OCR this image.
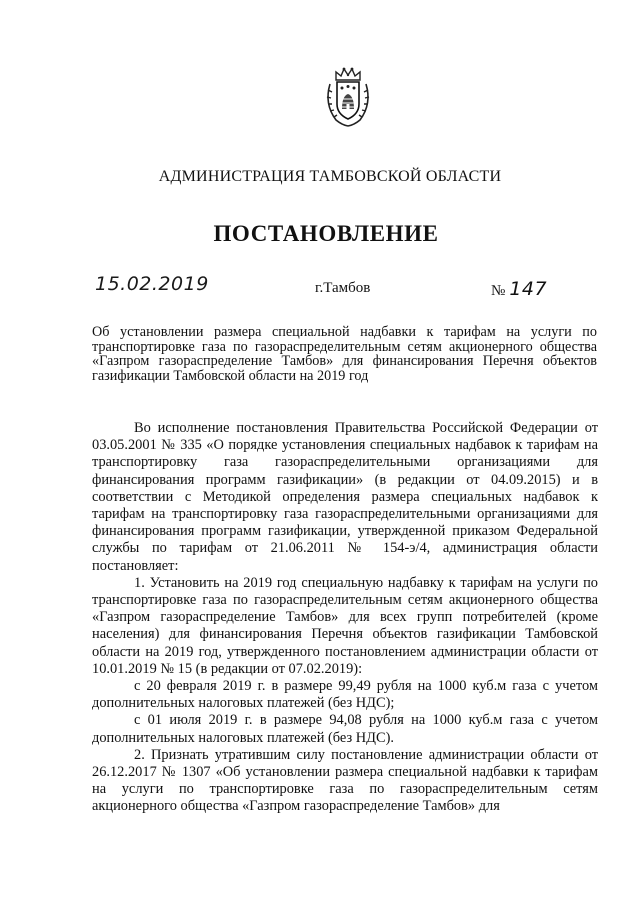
АДМИНИСТРАЦИЯ ТАМБОВСКОЙ ОБЛАСТИ
ПОСТАНОВЛЕНИЕ
15.02.2019	г.Тамбов	№ 147
Об установлении размера специальной надбавки к тарифам на услуги по транспортировке газа по газораспределительным сетям акционерного общества «Газпром газораспределение Тамбов» для финансирования Перечня объектов газификации Тамбовской области на 2019 год

Во исполнение постановления Правительства Российской Федерации от 03.05.2001 № 335 «О порядке установления специальных надбавок к тарифам на транспортировку газа газораспределительными организациями для финансирования программ газификации» (в редакции от 04.09.2015) и в соответствии с Методикой определения размера специальных надбавок к тарифам на транспортировку газа газораспределительными организациями для финансирования программ газификации, утвержденной приказом Федеральной службы по тарифам от 21.06.2011 № 154-э/4, администрация области постановляет:

1. Установить на 2019 год специальную надбавку к тарифам на услуги по транспортировке газа по газораспределительным сетям акционерного общества «Газпром газораспределение Тамбов» для всех групп потребителей (кроме населения) для финансирования Перечня объектов газификации Тамбовской области на 2019 год, утвержденного постановлением администрации области от 10.01.2019 № 15 (в редакции от 07.02.2019):

с 20 февраля 2019 г. в размере 99,49 рубля на 1000 куб.м газа с учетом дополнительных налоговых платежей (без НДС);

с 01 июля 2019 г. в размере 94,08 рубля на 1000 куб.м газа с учетом дополнительных налоговых платежей (без НДС).

2. Признать утратившим силу постановление администрации области от 26.12.2017 № 1307 «Об установлении размера специальной надбавки к тарифам на услуги по транспортировке газа по газораспределительным сетям акционерного общества «Газпром газораспределение Тамбов» для
